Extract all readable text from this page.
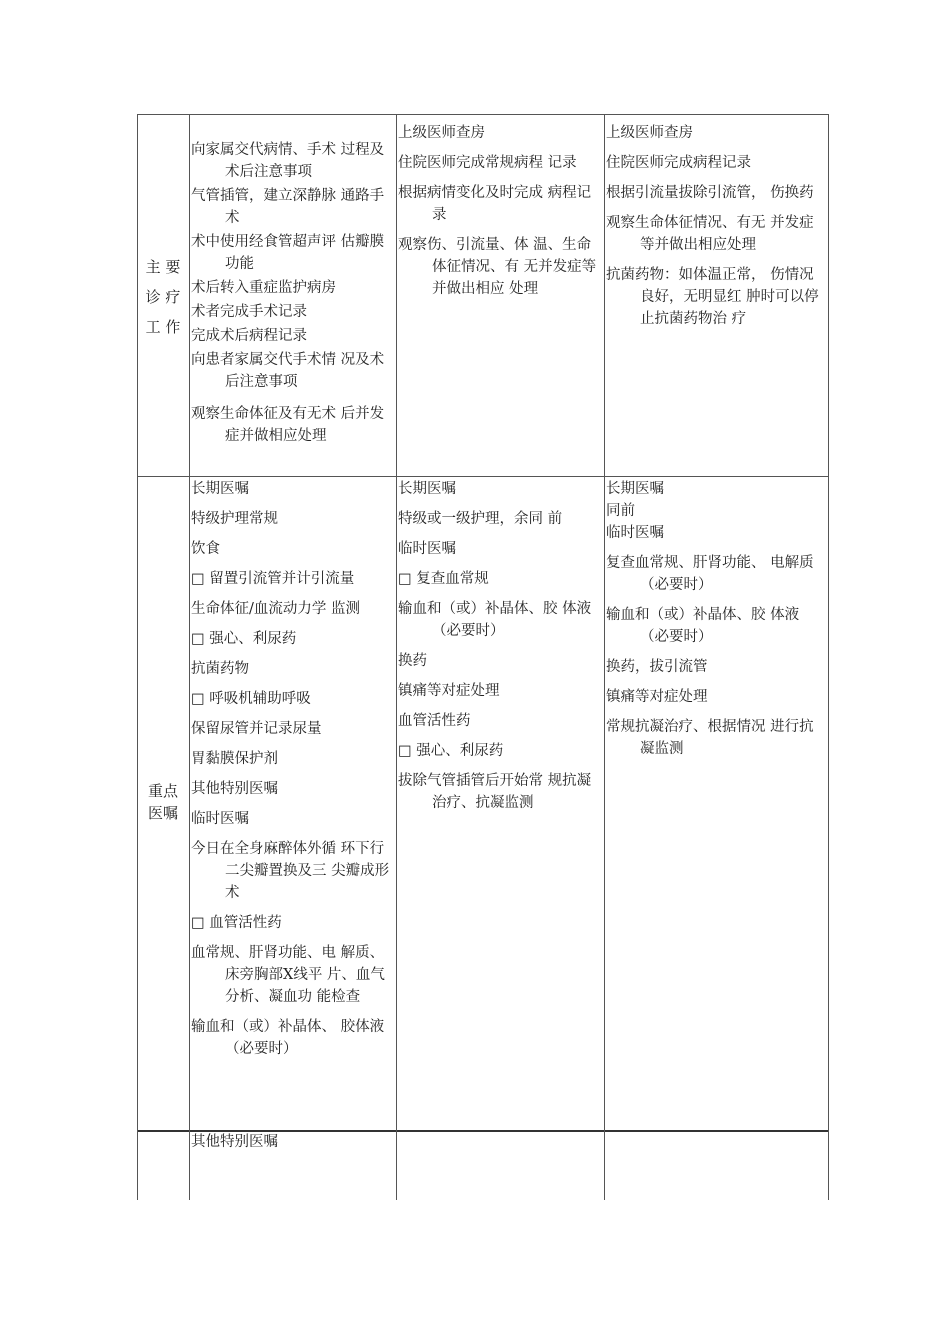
主 要
诊 疗
工 作

向家属交代病情、手术 过程及术后注意事项

气管插管，建立深静脉 通路手术

术中使用经食管超声评 估瓣膜功能

术后转入重症监护病房

术者完成手术记录

完成术后病程记录

向患者家属交代手术情 况及术后注意事项

观察生命体征及有无术 后并发症并做相应处理

上级医师查房

住院医师完成常规病程 记录

根据病情变化及时完成 病程记录

观察伤、引流量、体 温、生命体征情况、有 无并发症等并做出相应 处理

上级医师查房

住院医师完成病程记录

根据引流量拔除引流管， 伤换药

观察生命体征情况、有无 并发症等并做出相应处理

抗菌药物：如体温正常， 伤情况良好，无明显红 肿时可以停止抗菌药物治 疗

重点
医嘱

长期医嘱

特级护理常规

饮食

□ 留置引流管并计引流量

生命体征/血流动力学 监测

□ 强心、利尿药

抗菌药物

□ 呼吸机辅助呼吸

保留尿管并记录尿量

胃黏膜保护剂

其他特别医嘱

临时医嘱

今日在全身麻醉体外循 环下行二尖瓣置换及三 尖瓣成形术

□ 血管活性药

血常规、肝肾功能、电 解质、床旁胸部X线平 片、血气分析、凝血功 能检查

输血和（或）补晶体、 胶体液（必要时）

长期医嘱

特级或一级护理，余同 前

临时医嘱

□ 复查血常规

输血和（或）补晶体、胶 体液（必要时）

换药

镇痛等对症处理

血管活性药

□ 强心、利尿药

拔除气管插管后开始常 规抗凝治疗、抗凝监测

长期医嘱

同前

临时医嘱

复查血常规、肝肾功能、 电解质（必要时）

输血和（或）补晶体、胶 体液（必要时）

换药，拔引流管

镇痛等对症处理

常规抗凝治疗、根据情况 进行抗凝监测

其他特别医嘱
